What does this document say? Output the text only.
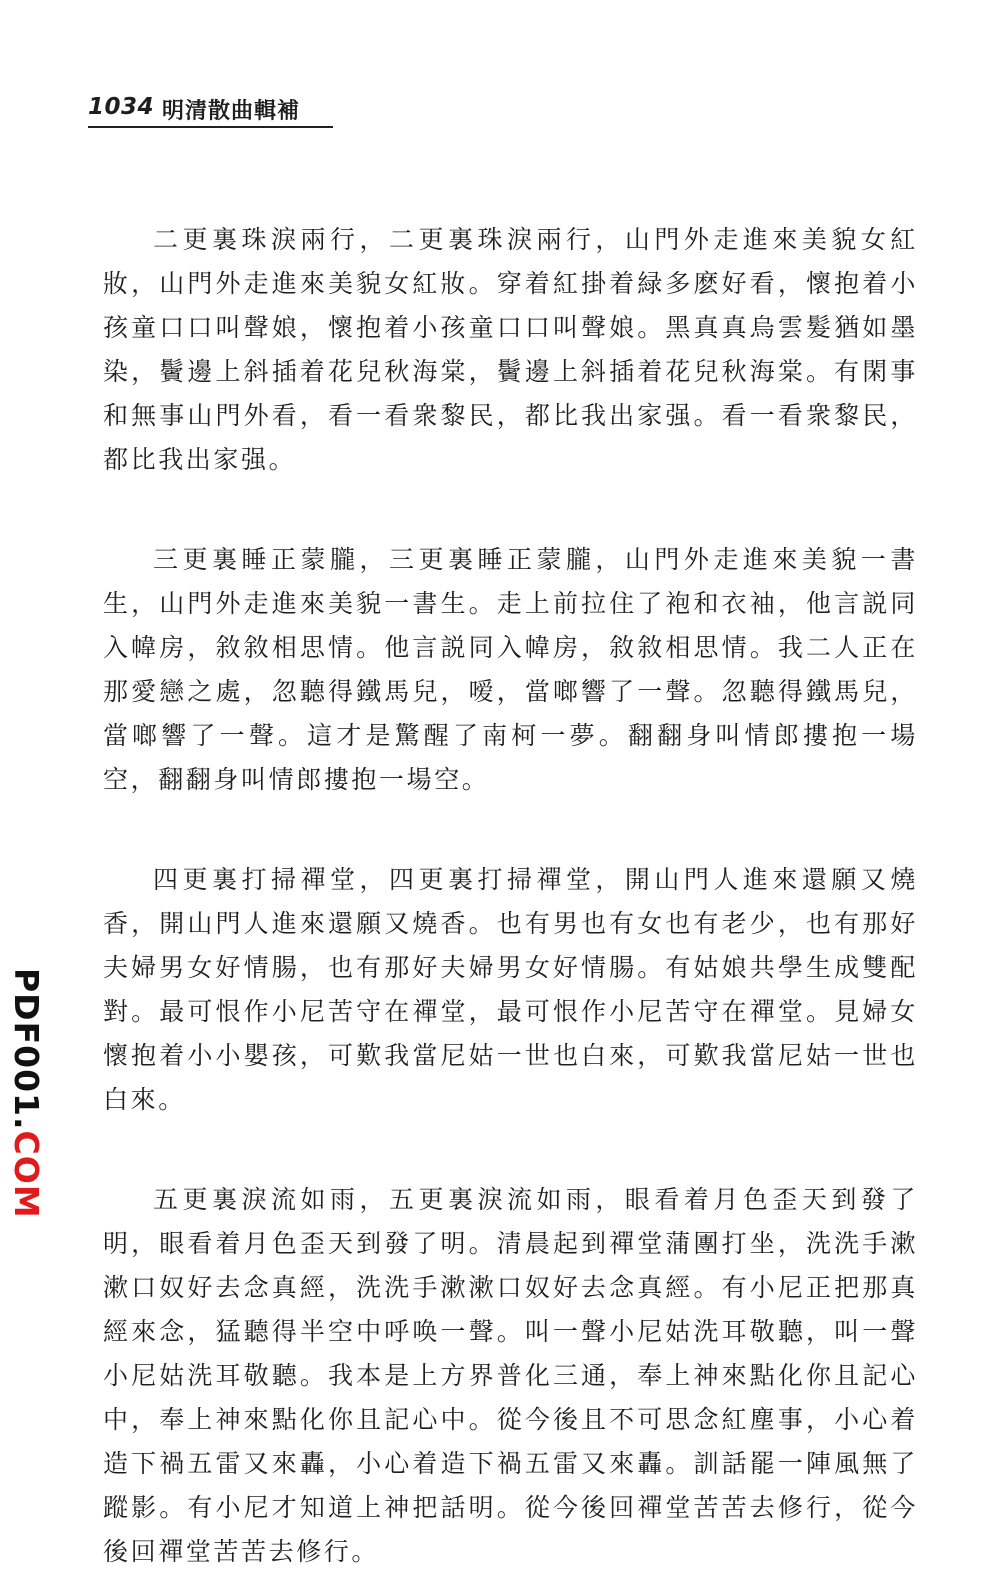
1034 明清散曲輯補

二更裏珠淚兩行，二更裏珠淚兩行，山門外走進來美貌女紅妝，山門外走進來美貌女紅妝。穿着紅掛着緑多麽好看，懷抱着小孩童口口叫聲娘，懷抱着小孩童口口叫聲娘。黑真真烏雲髮猶如墨染，鬢邊上斜插着花兒秋海棠，鬢邊上斜插着花兒秋海棠。有閑事和無事山門外看，看一看衆黎民，都比我出家强。看一看衆黎民，都比我出家强。

三更裏睡正蒙朧，三更裏睡正蒙朧，山門外走進來美貌一書生，山門外走進來美貌一書生。走上前拉住了袍和衣袖，他言説同入幃房，敘敘相思情。他言説同入幃房，敘敘相思情。我二人正在那愛戀之處，忽聽得鐵馬兒，嗳，當啷響了一聲。忽聽得鐵馬兒，當啷響了一聲。這才是驚醒了南柯一夢。翻翻身叫情郎摟抱一場空，翻翻身叫情郎摟抱一場空。

四更裏打掃禪堂，四更裏打掃禪堂，開山門人進來還願又燒香，開山門人進來還願又燒香。也有男也有女也有老少，也有那好夫婦男女好情腸，也有那好夫婦男女好情腸。有姑娘共學生成雙配對。最可恨作小尼苦守在禪堂，最可恨作小尼苦守在禪堂。見婦女懷抱着小小嬰孩，可歎我當尼姑一世也白來，可歎我當尼姑一世也白來。

五更裏淚流如雨，五更裏淚流如雨，眼看着月色歪天到發了明，眼看着月色歪天到發了明。清晨起到禪堂蒲團打坐，洗洗手漱漱口奴好去念真經，洗洗手漱漱口奴好去念真經。有小尼正把那真經來念，猛聽得半空中呼唤一聲。叫一聲小尼姑洗耳敬聽，叫一聲小尼姑洗耳敬聽。我本是上方界普化三通，奉上神來點化你且記心中，奉上神來點化你且記心中。從今後且不可思念紅塵事，小心着造下禍五雷又來轟，小心着造下禍五雷又來轟。訓話罷一陣風無了蹤影。有小尼才知道上神把話明。從今後回禪堂苦苦去修行，從今後回禪堂苦苦去修行。

PDF001.COM
